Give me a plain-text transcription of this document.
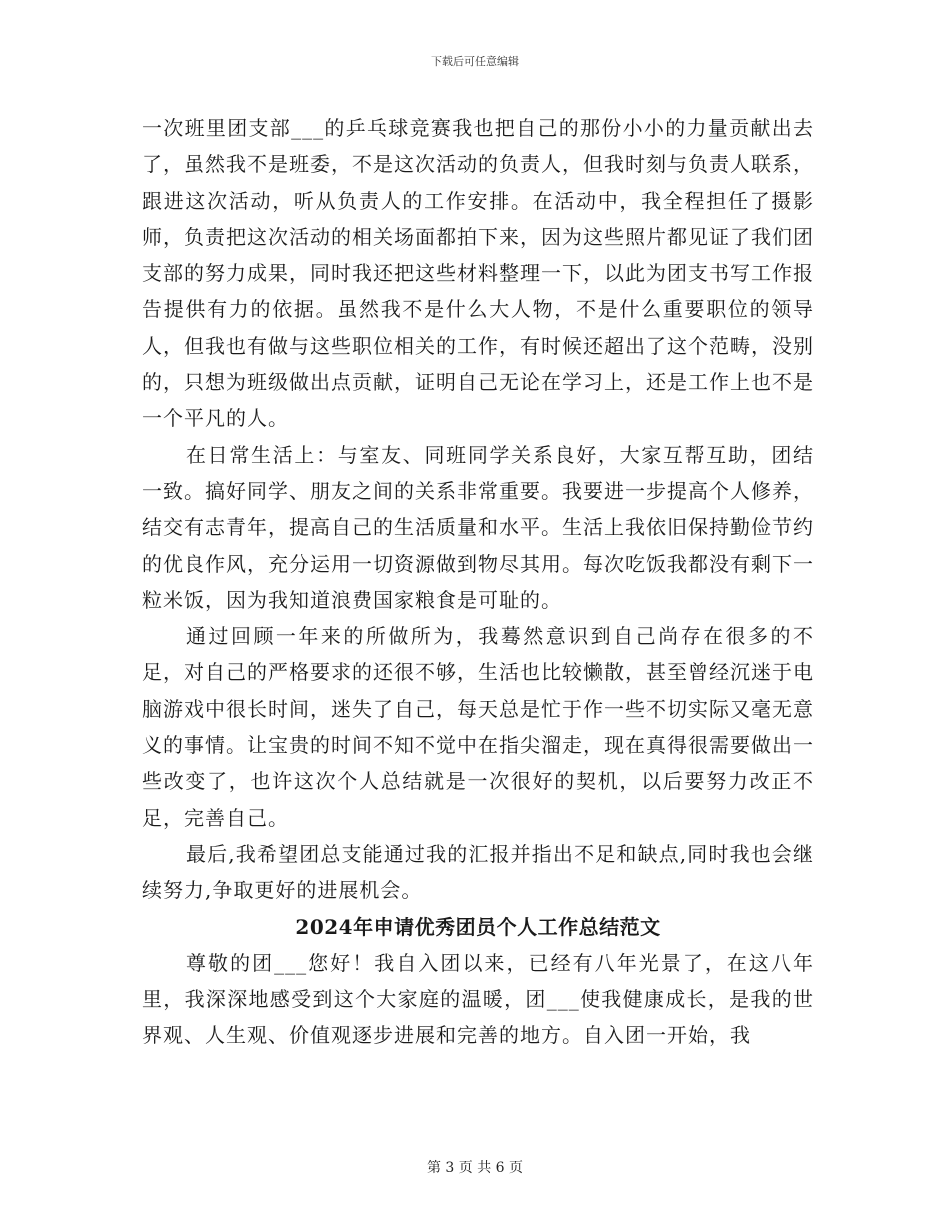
下载后可任意编辑

一次班里团支部___的乒乓球竞赛我也把自己的那份小小的力量贡献出去了，虽然我不是班委，不是这次活动的负责人，但我时刻与负责人联系，跟进这次活动，听从负责人的工作安排。在活动中，我全程担任了摄影师，负责把这次活动的相关场面都拍下来，因为这些照片都见证了我们团支部的努力成果，同时我还把这些材料整理一下，以此为团支书写工作报告提供有力的依据。虽然我不是什么大人物，不是什么重要职位的领导人，但我也有做与这些职位相关的工作，有时候还超出了这个范畴，没别的，只想为班级做出点贡献，证明自己无论在学习上，还是工作上也不是一个平凡的人。

在日常生活上：与室友、同班同学关系良好，大家互帮互助，团结一致。搞好同学、朋友之间的关系非常重要。我要进一步提高个人修养，结交有志青年，提高自己的生活质量和水平。生活上我依旧保持勤俭节约的优良作风，充分运用一切资源做到物尽其用。每次吃饭我都没有剩下一粒米饭，因为我知道浪费国家粮食是可耻的。

通过回顾一年来的所做所为，我蓦然意识到自己尚存在很多的不足，对自己的严格要求的还很不够，生活也比较懒散，甚至曾经沉迷于电脑游戏中很长时间，迷失了自己，每天总是忙于作一些不切实际又毫无意义的事情。让宝贵的时间不知不觉中在指尖溜走，现在真得很需要做出一些改变了，也许这次个人总结就是一次很好的契机，以后要努力改正不足，完善自己。

最后,我希望团总支能通过我的汇报并指出不足和缺点,同时我也会继续努力,争取更好的进展机会。

2024年申请优秀团员个人工作总结范文

尊敬的团___您好！我自入团以来，已经有八年光景了，在这八年里，我深深地感受到这个大家庭的温暖，团___使我健康成长，是我的世界观、人生观、价值观逐步进展和完善的地方。自入团一开始，我

第 3 页 共 6 页
